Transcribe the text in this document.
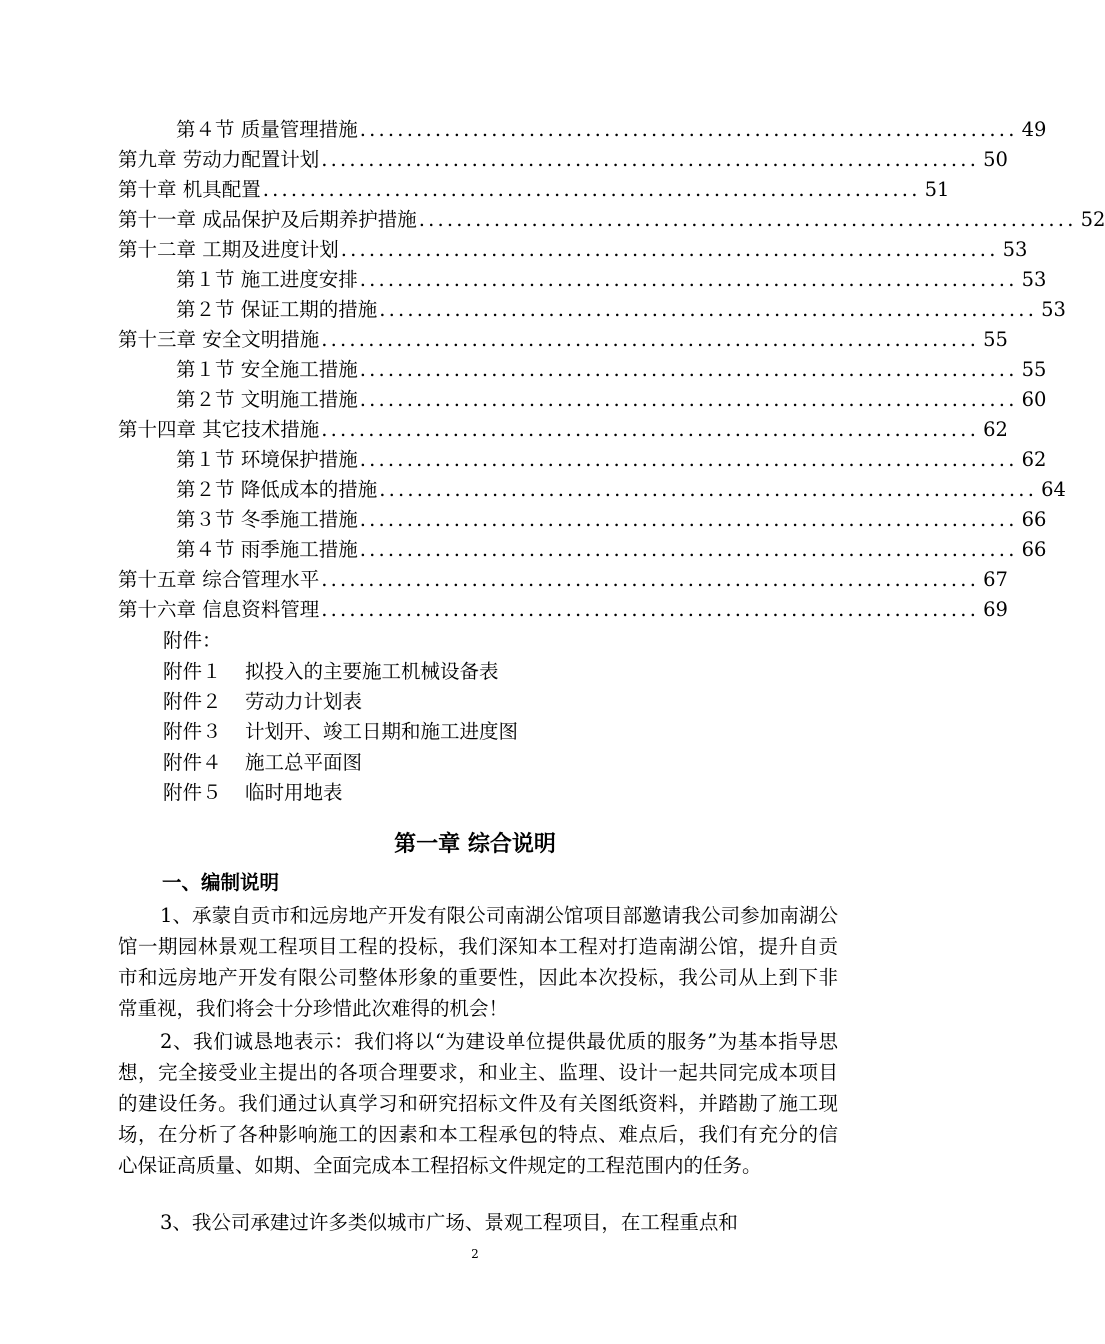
第４节 质量管理措施 ...................................................................... 49
第九章 劳动力配置计划 ...................................................................... 50
第十章 机具配置 ...................................................................... 51
第十一章 成品保护及后期养护措施 ...................................................................... 52
第十二章 工期及进度计划 ...................................................................... 53
第１节 施工进度安排 ...................................................................... 53
第２节 保证工期的措施 ...................................................................... 53
第十三章 安全文明措施 ...................................................................... 55
第１节 安全施工措施 ...................................................................... 55
第２节 文明施工措施 ...................................................................... 60
第十四章 其它技术措施 ...................................................................... 62
第１节 环境保护措施 ...................................................................... 62
第２节 降低成本的措施 ...................................................................... 64
第３节 冬季施工措施 ...................................................................... 66
第４节 雨季施工措施 ...................................................................... 66
第十五章 综合管理水平 ...................................................................... 67
第十六章 信息资料管理 ...................................................................... 69
附件：
附件１ 拟投入的主要施工机械设备表
附件２ 劳动力计划表
附件３ 计划开、竣工日期和施工进度图
附件４ 施工总平面图
附件５ 临时用地表
第一章 综合说明
一、编制说明
1、承蒙自贡市和远房地产开发有限公司南湖公馆项目部邀请我公司参加南湖公馆一期园林景观工程项目工程的投标，我们深知本工程对打造南湖公馆，提升自贡市和远房地产开发有限公司整体形象的重要性，因此本次投标，我公司从上到下非常重视，我们将会十分珍惜此次难得的机会！
2、我们诚恳地表示：我们将以“为建设单位提供最优质的服务”为基本指导思想，完全接受业主提出的各项合理要求，和业主、监理、设计一起共同完成本项目的建设任务。我们通过认真学习和研究招标文件及有关图纸资料，并踏勘了施工现场，在分析了各种影响施工的因素和本工程承包的特点、难点后，我们有充分的信心保证高质量、如期、全面完成本工程招标文件规定的工程范围内的任务。
3、我公司承建过许多类似城市广场、景观工程项目，在工程重点和
2
